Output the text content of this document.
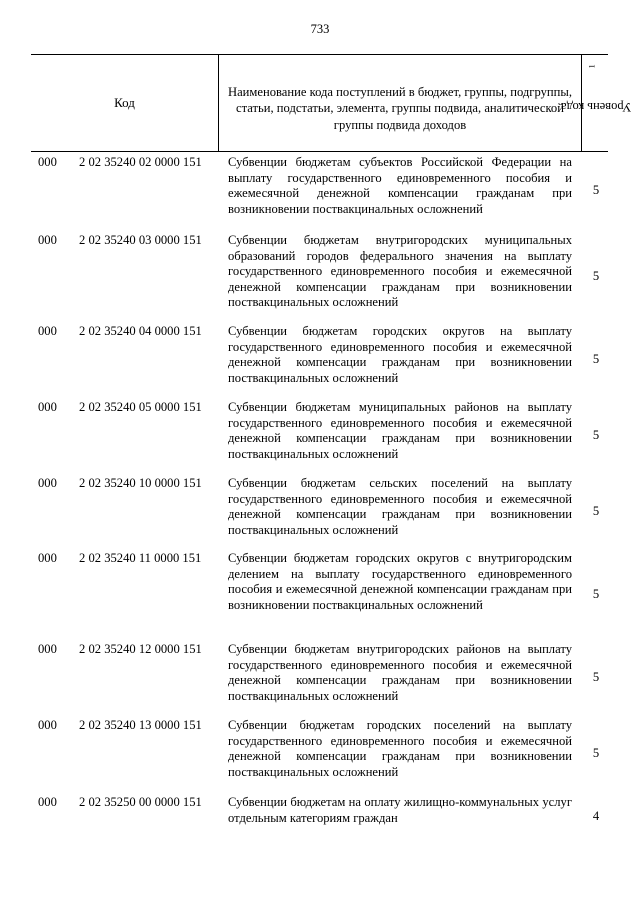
733
Код
Наименование кода поступлений в бюджет, группы, подгруппы, статьи, подстатьи, элемента, группы подвида, аналитической группы подвида доходов
Уровень кода $^1$
000 2 02 35240 02 0000 151 Субвенции бюджетам субъектов Российской Федерации на выплату государственного единовременного пособия и ежемесячной денежной компенсации гражданам при возникновении поствакцинальных осложнений
5
000 2 02 35240 03 0000 151 Субвенции бюджетам внутригородских муниципальных образований городов федерального значения на выплату государственного единовременного пособия и ежемесячной денежной компенсации гражданам при возникновении поствакцинальных осложнений
5
000 2 02 35240 04 0000 151 Субвенции бюджетам городских округов на выплату государственного единовременного пособия и ежемесячной денежной компенсации гражданам при возникновении поствакцинальных осложнений
5
000 2 02 35240 05 0000 151 Субвенции бюджетам муниципальных районов на выплату государственного единовременного пособия и ежемесячной денежной компенсации гражданам при возникновении поствакцинальных осложнений
5
000 2 02 35240 10 0000 151 Субвенции бюджетам сельских поселений на выплату государственного единовременного пособия и ежемесячной денежной компенсации гражданам при возникновении поствакцинальных осложнений
5
000 2 02 35240 11 0000 151 Субвенции бюджетам городских округов с внутригородским делением на выплату государственного единовременного пособия и ежемесячной денежной компенсации гражданам при возникновении поствакцинальных осложнений
5
000 2 02 35240 12 0000 151 Субвенции бюджетам внутригородских районов на выплату государственного единовременного пособия и ежемесячной денежной компенсации гражданам при возникновении поствакцинальных осложнений
5
000 2 02 35240 13 0000 151 Субвенции бюджетам городских поселений на выплату государственного единовременного пособия и ежемесячной денежной компенсации гражданам при возникновении поствакцинальных осложнений
5
000 2 02 35250 00 0000 151 Субвенции бюджетам на оплату жилищно-коммунальных услуг отдельным категориям граждан	4
